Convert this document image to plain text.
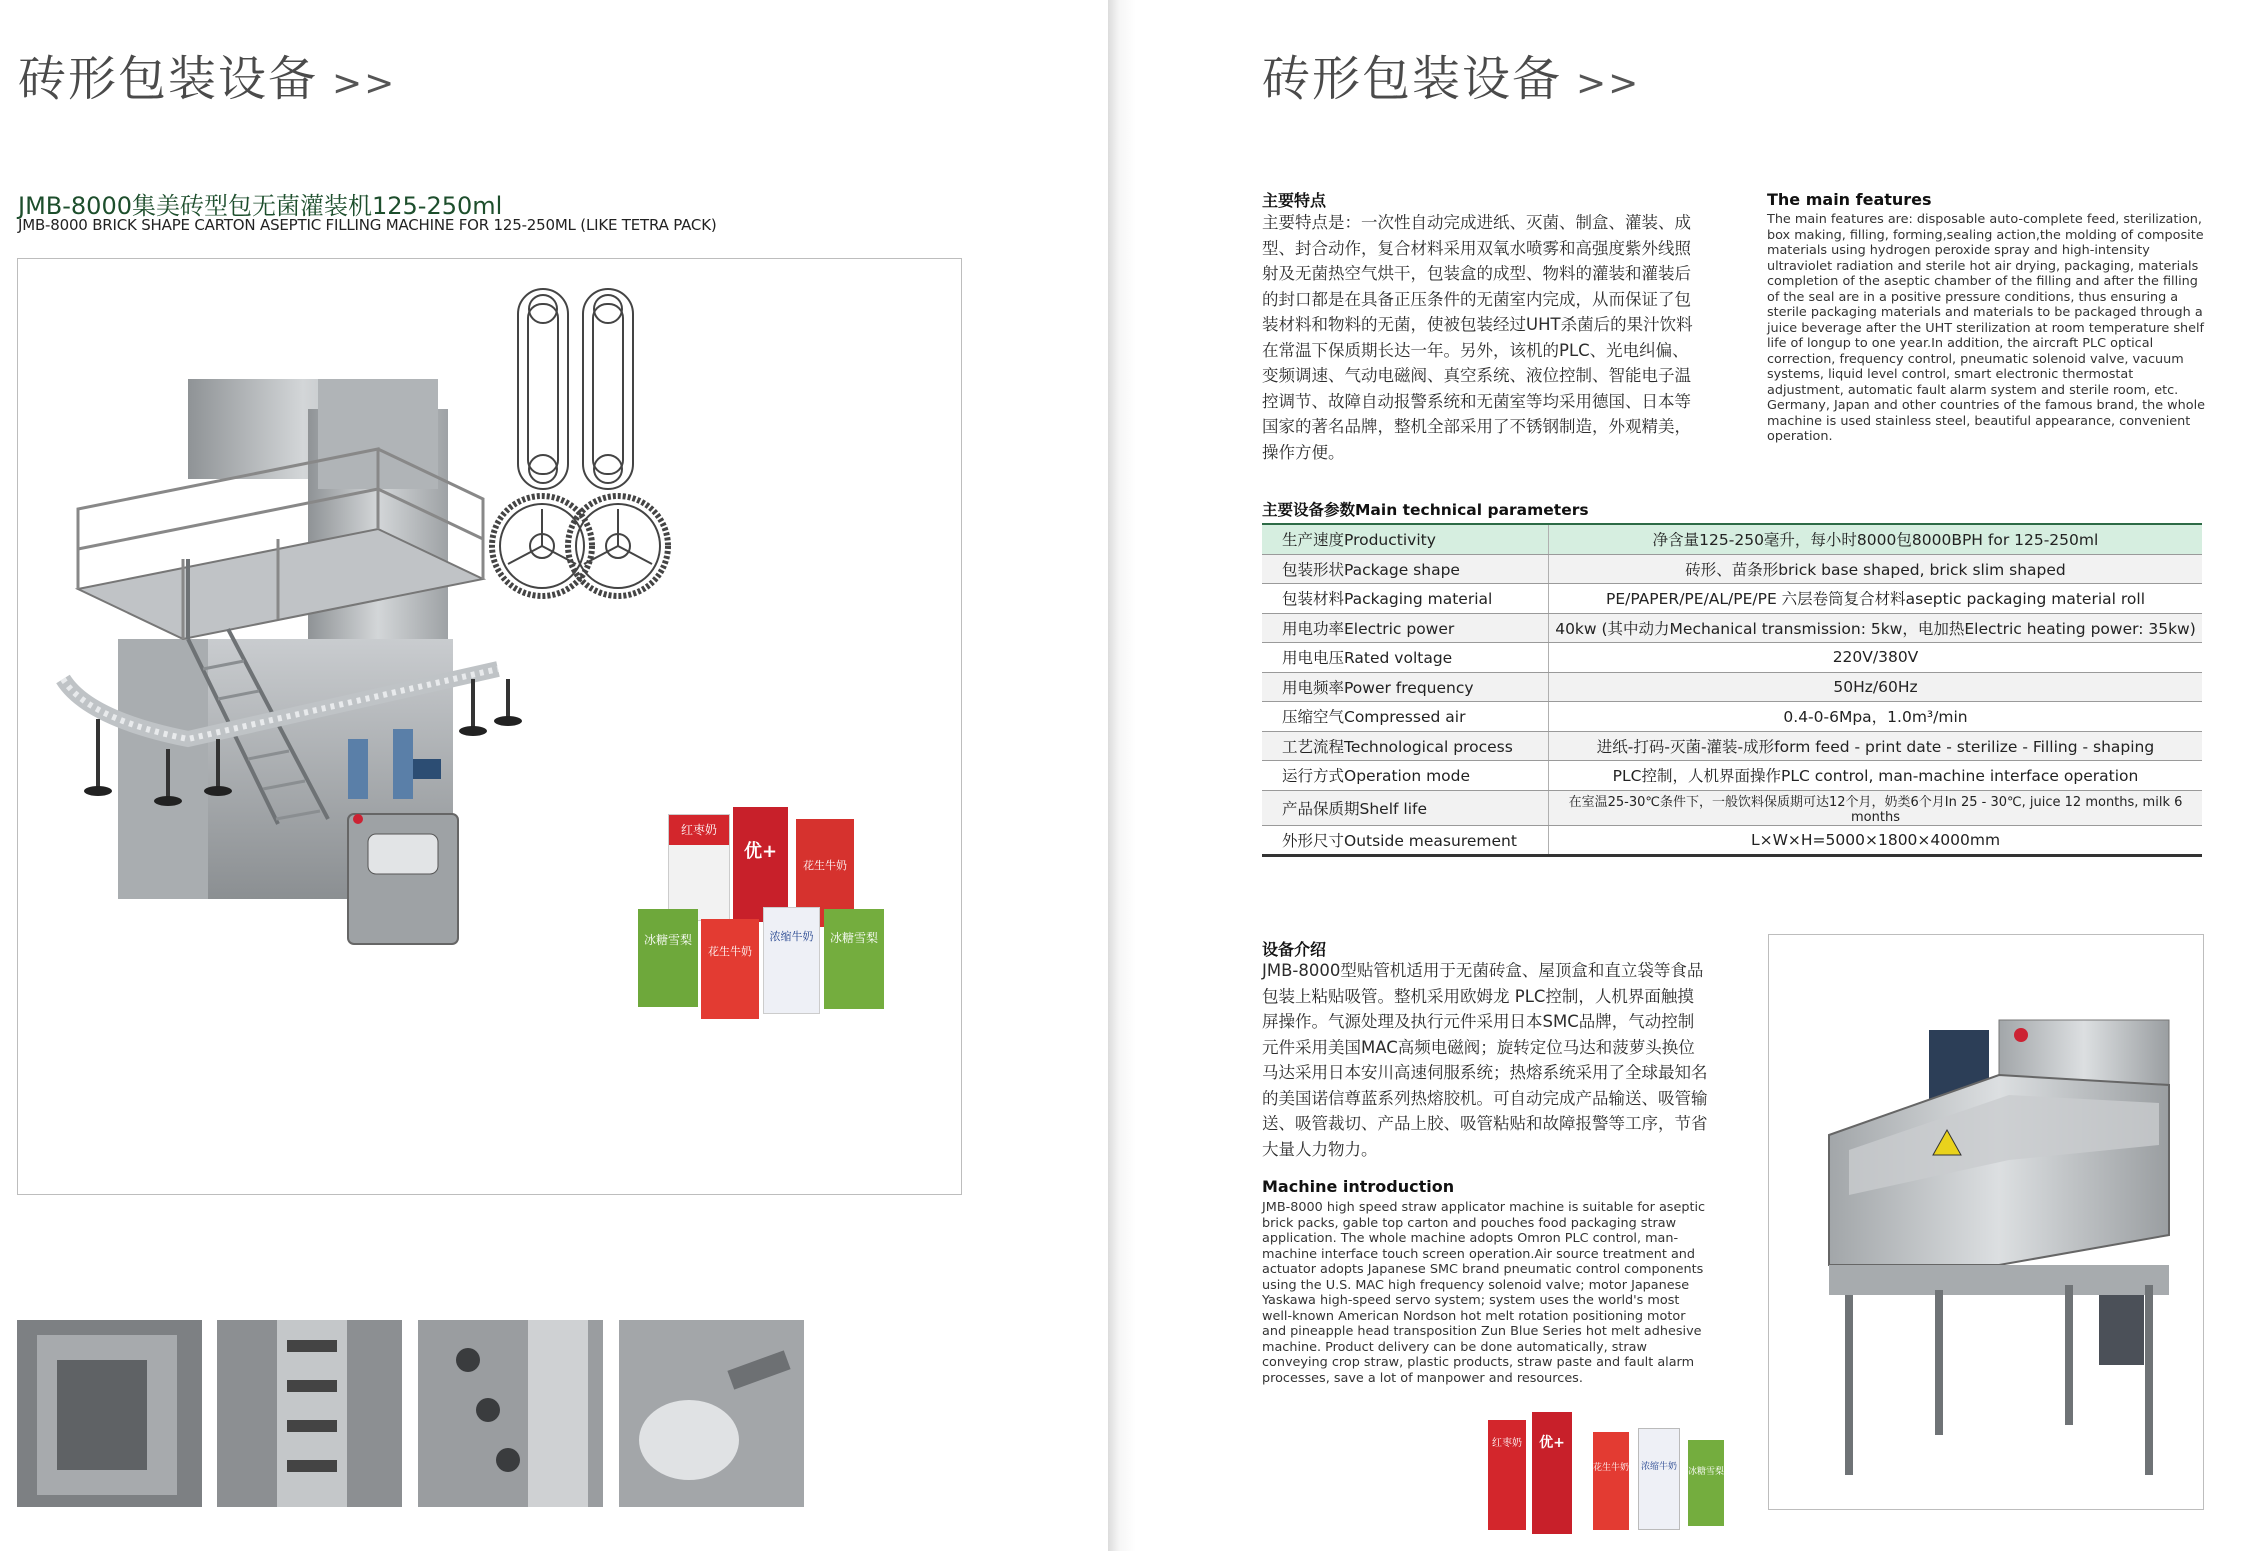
砖形包装设备 >>
JMB-8000集美砖型包无菌灌装机125-250ml
JMB-8000 BRICK SHAPE CARTON ASEPTIC FILLING MACHINE FOR 125-250ML (LIKE TETRA PACK)
红枣奶
优+
花生牛奶
冰糖雪梨
花生牛奶
浓缩牛奶	冰糖雪梨
砖形包装设备 >>
主要特点
主要特点是：一次性自动完成进纸、灭菌、制盒、灌装、成型、封合动作，复合材料采用双氧水喷雾和高强度紫外线照射及无菌热空气烘干，包装盒的成型、物料的灌装和灌装后的封口都是在具备正压条件的无菌室内完成，从而保证了包装材料和物料的无菌，使被包装经过UHT杀菌后的果汁饮料在常温下保质期长达一年。另外，该机的PLC、光电纠偏、变频调速、气动电磁阀、真空系统、液位控制、智能电子温控调节、故障自动报警系统和无菌室等均采用德国、日本等国家的著名品牌，整机全部采用了不锈钢制造，外观精美，操作方便。
The main features
The main features are: disposable auto-complete feed, sterilization, box making, filling, forming,sealing action,the molding of composite materials using hydrogen peroxide spray and high-intensity ultraviolet radiation and sterile hot air drying, packaging, materials completion of the aseptic chamber of the filling and after the filling of the seal are in a positive pressure conditions, thus ensuring a sterile packaging materials and materials to be packaged through a juice beverage after the UHT sterilization at room temperature shelf life of longup to one year.In addition, the aircraft PLC optical correction, frequency control, pneumatic solenoid valve, vacuum systems, liquid level control, smart electronic thermostat adjustment, automatic fault alarm system and sterile room, etc. Germany, Japan and other countries of the famous brand, the whole machine is used stainless steel, beautiful appearance, convenient operation.
主要设备参数Main technical parameters
生产速度Productivity	净含量125-250毫升，每小时8000包8000BPH for 125-250ml
包装形状Package shape	砖形、苗条形brick base shaped, brick slim shaped
包装材料Packaging material	PE/PAPER/PE/AL/PE/PE 六层卷筒复合材料aseptic packaging material roll
用电功率Electric power	40kw (其中动力Mechanical transmission: 5kw，电加热Electric heating power: 35kw)
用电电压Rated voltage	220V/380V
用电频率Power frequency	50Hz/60Hz
压缩空气Compressed air	0.4-0-6Mpa，1.0m³/min
工艺流程Technological process	进纸-打码-灭菌-灌装-成形form feed - print date - sterilize - Filling - shaping
运行方式Operation mode	PLC控制，人机界面操作PLC control, man-machine interface operation
产品保质期Shelf life	在室温25-30℃条件下，一般饮料保质期可达12个月，奶类6个月In 25 - 30℃, juice 12 months, milk 6 months
外形尺寸Outside measurement	L×W×H=5000×1800×4000mm
设备介绍
JMB-8000型贴管机适用于无菌砖盒、屋顶盒和直立袋等食品包装上粘贴吸管。整机采用欧姆龙 PLC控制，人机界面触摸屏操作。气源处理及执行元件采用日本SMC品牌，气动控制元件采用美国MAC高频电磁阀；旋转定位马达和菠萝头换位马达采用日本安川高速伺服系统；热熔系统采用了全球最知名的美国诺信尊蓝系列热熔胶机。可自动完成产品输送、吸管输送、吸管裁切、产品上胶、吸管粘贴和故障报警等工序，节省大量人力物力。
Machine introduction
JMB-8000 high speed straw applicator machine is suitable for aseptic brick packs, gable top carton and pouches food packaging straw application. The whole machine adopts Omron PLC control, man-machine interface touch screen operation.Air source treatment and actuator adopts Japanese SMC brand pneumatic control components using the U.S. MAC high frequency solenoid valve; motor Japanese Yaskawa high-speed servo system; system uses the world's most well-known American Nordson hot melt rotation positioning motor and pineapple head transposition Zun Blue Series hot melt adhesive machine. Product delivery can be done automatically, straw conveying crop straw, plastic products, straw paste and fault alarm processes, save a lot of manpower and resources.
红枣奶	优+
花生牛奶 浓缩牛奶 冰糖雪梨
